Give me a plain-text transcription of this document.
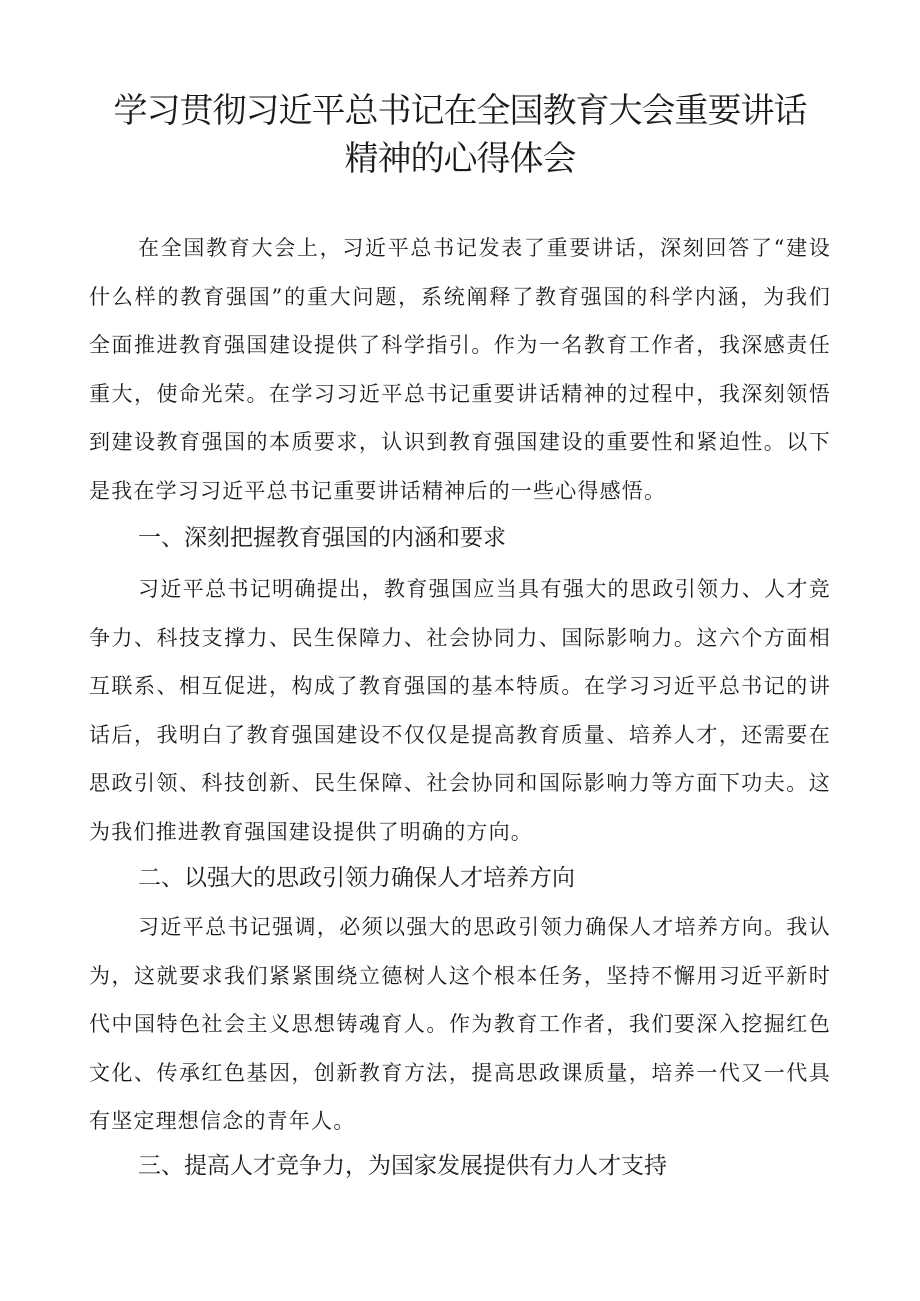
学习贯彻习近平总书记在全国教育大会重要讲话
精神的心得体会

在全国教育大会上，习近平总书记发表了重要讲话，深刻回答了“建设什么样的教育强国”的重大问题，系统阐释了教育强国的科学内涵，为我们全面推进教育强国建设提供了科学指引。作为一名教育工作者，我深感责任重大，使命光荣。在学习习近平总书记重要讲话精神的过程中，我深刻领悟到建设教育强国的本质要求，认识到教育强国建设的重要性和紧迫性。以下是我在学习习近平总书记重要讲话精神后的一些心得感悟。

一、深刻把握教育强国的内涵和要求

习近平总书记明确提出，教育强国应当具有强大的思政引领力、人才竞争力、科技支撑力、民生保障力、社会协同力、国际影响力。这六个方面相互联系、相互促进，构成了教育强国的基本特质。在学习习近平总书记的讲话后，我明白了教育强国建设不仅仅是提高教育质量、培养人才，还需要在思政引领、科技创新、民生保障、社会协同和国际影响力等方面下功夫。这为我们推进教育强国建设提供了明确的方向。

二、以强大的思政引领力确保人才培养方向

习近平总书记强调，必须以强大的思政引领力确保人才培养方向。我认为，这就要求我们紧紧围绕立德树人这个根本任务，坚持不懈用习近平新时代中国特色社会主义思想铸魂育人。作为教育工作者，我们要深入挖掘红色文化、传承红色基因，创新教育方法，提高思政课质量，培养一代又一代具有坚定理想信念的青年人。

三、提高人才竞争力，为国家发展提供有力人才支持
